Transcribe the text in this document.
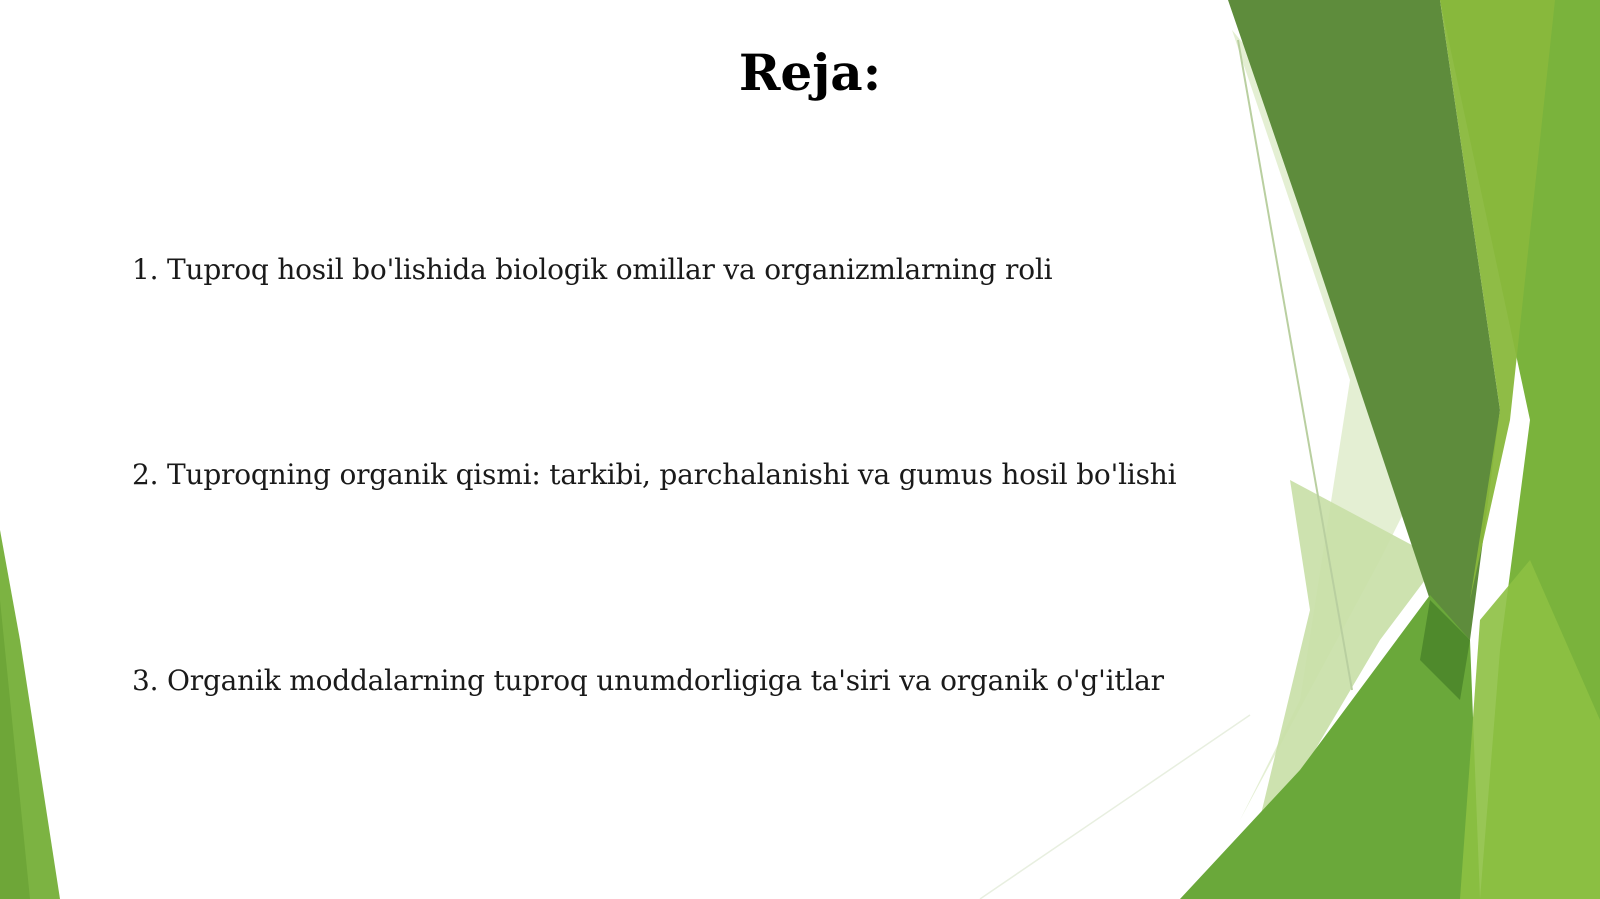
Reja:
1. Tuproq hosil bo'lishida biologik omillar va organizmlarning roli
2. Tuproqning organik qismi: tarkibi, parchalanishi va gumus hosil bo'lishi
3. Organik moddalarning tuproq unumdorligiga ta'siri va organik o'g'itlar
